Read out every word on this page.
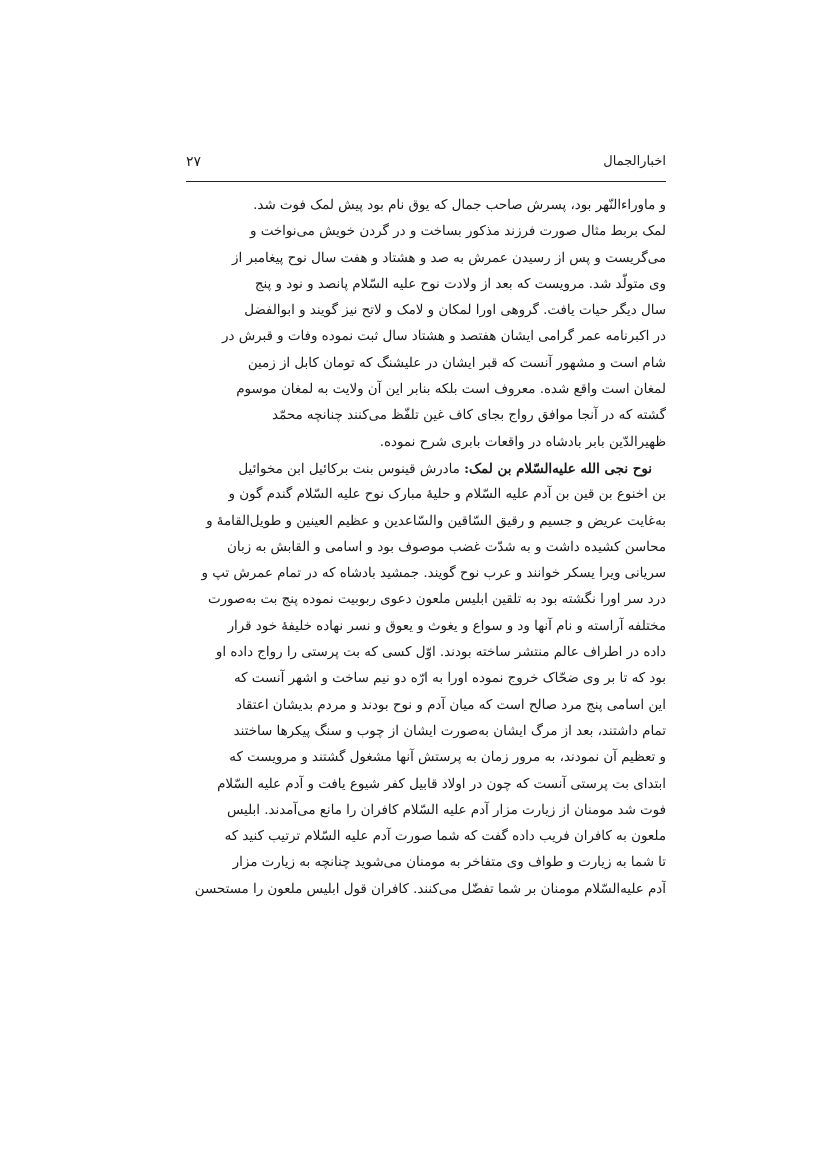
اخبارالجمال
۲۷
و ماوراءالنّهر بود، پسرش صاحب جمال که یوق نام بود پیش لمک فوت شد.
لمک بربط مثال صورت فرزند مذکور بساخت و در گردن خویش می‌نواخت و
می‌گریست و پس از رسیدن عمرش به صد و هشتاد و هفت سال نوح پیغامبر از
وی متولّد شد. مرویست که بعد از ولادت نوح علیه السّلام پانصد و نود و پنج
سال دیگر حیات یافت. گروهی اورا لمکان و لامک و لاتح نیز گویند و ابوالفضل
در اکبرنامه عمر گرامی ایشان هفتصد و هشتاد سال ثبت نموده وفات و قبرش در
شام است و مشهور آنست که قبر ایشان در علیشنگ که تومان کابل از زمین
لمغان است واقع شده. معروف است بلکه بنابر این آن ولایت به لمغان موسوم
گشته که در آنجا موافق رواج بجای کاف غین تلفّظ می‌کنند چنانچه محمّد
ظهیرالدّین بابر بادشاه در واقعات بابری شرح نموده.
نوح نجی الله علیه‌السّلام بن لمک: مادرش قینوس بنت برکائیل ابن مخوائیل
بن اخنوع بن قین بن آدم علیه السّلام و حلیهٔ مبارک نوح علیه السّلام گندم گون و
به‌غایت عریض و جسیم و رقیق السّاقین والسّاعدین و عظیم العینین و طویل‌القامهٔ و
محاسن کشیده داشت و به شدّت غضب موصوف بود و اسامی و القابش به زبان
سریانی ویرا یسکر خوانند و عرب نوح گویند. جمشید بادشاه که در تمام عمرش تپ و
درد سر اورا نگشته بود به تلقین ابلیس ملعون دعوی ربوبیت نموده پنج بت به‌صورت
مختلفه آراسته و نام آنها ود و سواع و یغوث و یعوق و نسر نهاده خلیفهٔ خود قرار
داده در اطراف عالم منتشر ساخته بودند. اوّل کسی که بت پرستی را رواج داده او
بود که تا بر وی ضحّاک خروج نموده اورا به ارّه دو نیم ساخت و اشهر آنست که
این اسامی پنج مرد صالح است که میان آدم و نوح بودند و مردم بدیشان اعتقاد
تمام داشتند، بعد از مرگ ایشان به‌صورت ایشان از چوب و سنگ پیکرها ساختند
و تعظیم آن نمودند، به مرور زمان به پرستش آنها مشغول گشتند و مرویست که
ابتدای بت پرستی آنست که چون در اولاد قابیل کفر شیوع یافت و آدم علیه السّلام
فوت شد مومنان از زیارت مزار آدم علیه السّلام کافران را مانع می‌آمدند. ابلیس
ملعون به کافران فریب داده گفت که شما صورت آدم علیه السّلام ترتیب کنید که
تا شما به زیارت و طواف وی متفاخر به مومنان می‌شوید چنانچه به زیارت مزار
آدم علیه‌السّلام مومنان بر شما تفضّل می‌کنند. کافران قول ابلیس ملعون را مستحسن
